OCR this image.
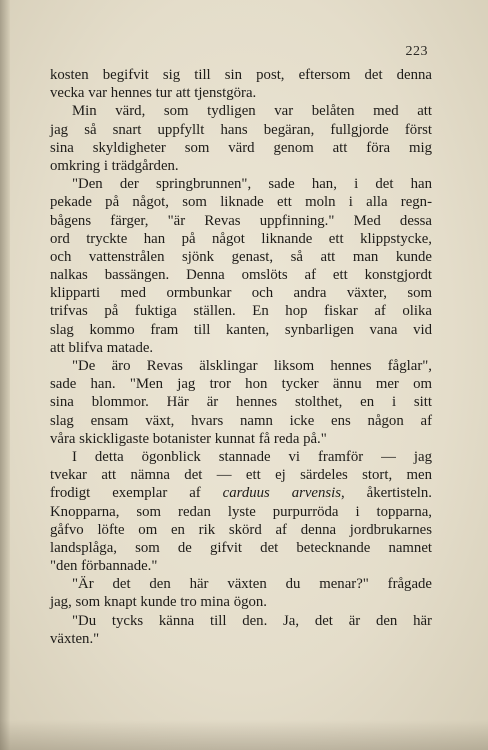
223
kosten begifvit sig till sin post, eftersom det denna
vecka var hennes tur att tjenstgöra.
Min värd, som tydligen var belåten med att
jag så snart uppfyllt hans begäran, fullgjorde först
sina skyldigheter som värd genom att föra mig
omkring i trädgården.
"Den der springbrunnen", sade han, i det han
pekade på något, som liknade ett moln i alla regn-
bågens färger, "är Revas uppfinning." Med dessa
ord tryckte han på något liknande ett klippstycke,
och vattenstrålen sjönk genast, så att man kunde
nalkas bassängen. Denna omslöts af ett konstgjordt
klipparti med ormbunkar och andra växter, som
trifvas på fuktiga ställen. En hop fiskar af olika
slag kommo fram till kanten, synbarligen vana vid
att blifva matade.
"De äro Revas älsklingar liksom hennes fåglar",
sade han. "Men jag tror hon tycker ännu mer om
sina blommor. Här är hennes stolthet, en i sitt
slag ensam växt, hvars namn icke ens någon af
våra skickligaste botanister kunnat få reda på."
I detta ögonblick stannade vi framför — jag
tvekar att nämna det — ett ej särdeles stort, men
frodigt exemplar af carduus arvensis, åkertisteln.
Knopparna, som redan lyste purpurröda i topparna,
gåfvo löfte om en rik skörd af denna jordbrukarnes
landsplåga, som de gifvit det betecknande namnet
"den förbannade."
"Är det den här växten du menar?" frågade
jag, som knapt kunde tro mina ögon.
"Du tycks känna till den. Ja, det är den här
växten."
